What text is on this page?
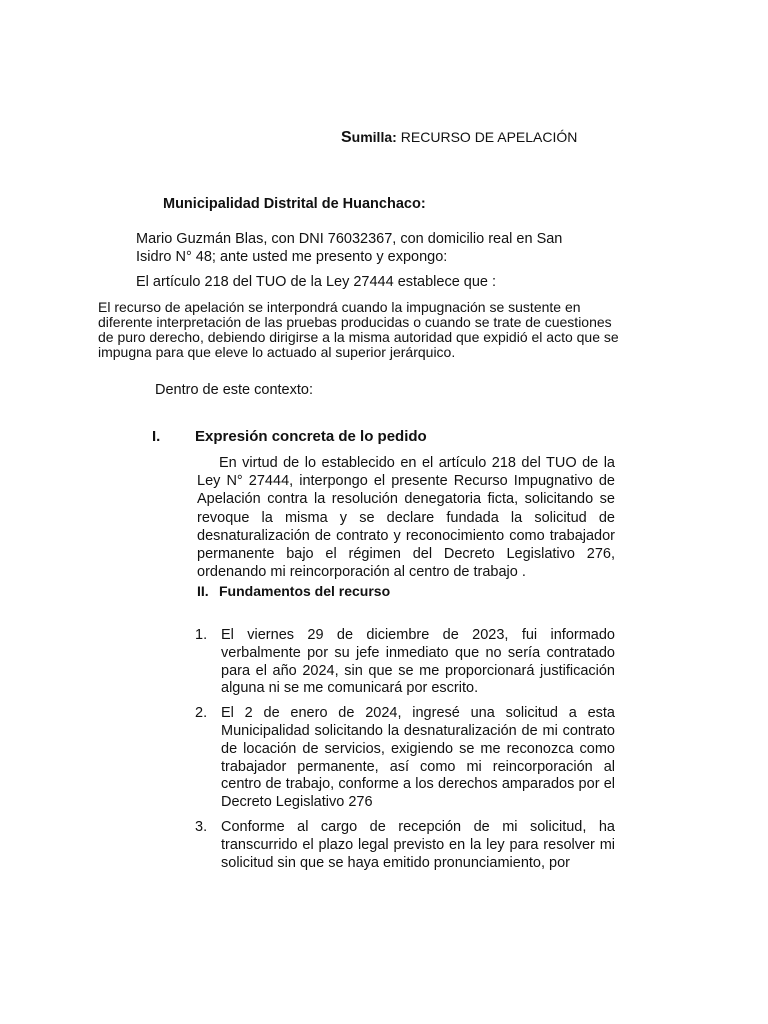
Sumilla: RECURSO DE APELACIÓN
Municipalidad Distrital de Huanchaco:
Mario Guzmán Blas, con DNI 76032367, con domicilio real en San Isidro N° 48; ante usted me presento y expongo:
El artículo 218 del TUO de la Ley 27444 establece que :
El recurso de apelación se interpondrá cuando la impugnación se sustente en diferente interpretación de las pruebas producidas o cuando se trate de cuestiones de puro derecho, debiendo dirigirse a la misma autoridad que expidió el acto que se impugna para que eleve lo actuado al superior jerárquico.
Dentro de este contexto:
I. Expresión concreta de lo pedido
En virtud de lo establecido en el artículo 218 del TUO de la Ley N° 27444, interpongo el presente Recurso Impugnativo de Apelación contra la resolución denegatoria ficta, solicitando se revoque la misma y se declare fundada la solicitud de desnaturalización de contrato y reconocimiento como trabajador permanente bajo el régimen del Decreto Legislativo 276, ordenando mi reincorporación al centro de trabajo .
II. Fundamentos del recurso
1. El viernes 29 de diciembre de 2023, fui informado verbalmente por su jefe inmediato que no sería contratado para el año 2024, sin que se me proporcionará justificación alguna ni se me comunicará por escrito.
2. El 2 de enero de 2024, ingresé una solicitud a esta Municipalidad solicitando la desnaturalización de mi contrato de locación de servicios, exigiendo se me reconozca como trabajador permanente, así como mi reincorporación al centro de trabajo, conforme a los derechos amparados por el Decreto Legislativo 276
3. Conforme al cargo de recepción de mi solicitud, ha transcurrido el plazo legal previsto en la ley para resolver mi solicitud sin que se haya emitido pronunciamiento, por
